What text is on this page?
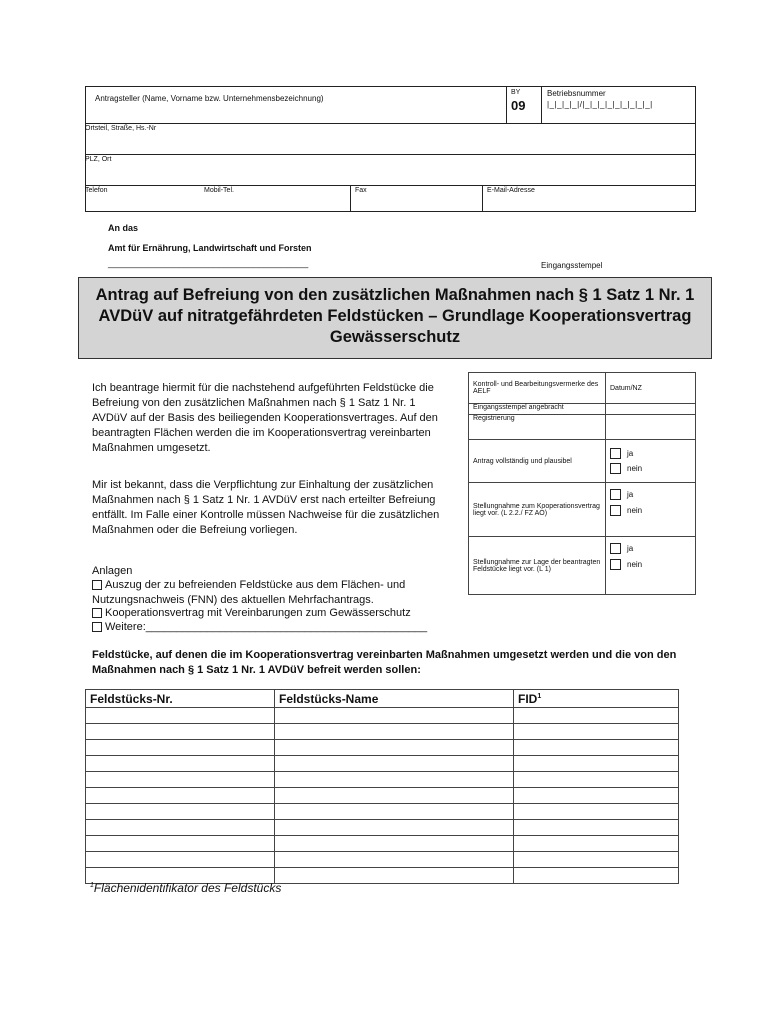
Antragsteller (Name, Vorname bzw. Unternehmensbezeichnung)
BY
09
Betriebsnummer
|_|_|_|_|/|_|_|_|_|_|_|_|_|_|
Ortsteil, Straße, Hs.-Nr
PLZ, Ort
Telefon	Mobil-Tel.	Fax	E-Mail-Adresse
An das
Amt für Ernährung, Landwirtschaft und Forsten
________________________________________	Eingangsstempel
Antrag auf Befreiung von den zusätzlichen Maßnahmen nach § 1 Satz 1 Nr. 1 AVDüV auf nitratgefährdeten Feldstücken – Grundlage Kooperationsvertrag Gewässerschutz
Ich beantrage hiermit für die nachstehend aufgeführten Feldstücke die Befreiung von den zusätzlichen Maßnahmen nach § 1 Satz 1 Nr. 1 AVDüV auf der Basis des beiliegenden Kooperationsvertrages. Auf den beantragten Flächen werden die im Kooperationsvertrag vereinbarten Maßnahmen umgesetzt.
Mir ist bekannt, dass die Verpflichtung zur Einhaltung der zusätzlichen Maßnahmen nach § 1 Satz 1 Nr. 1 AVDüV erst nach erteilter Befreiung entfällt. Im Falle einer Kontrolle müssen Nachweise für die zusätzlichen Maßnahmen oder die Befreiung vorliegen.
Anlagen
Auszug der zu befreienden Feldstücke aus dem Flächen- und Nutzungsnachweis (FNN) des aktuellen Mehrfachantrags.
Kooperationsvertrag mit Vereinbarungen zum Gewässerschutz
Weitere:______________________________________________
Kontroll- und Bearbeitungsvermerke des AELF	Datum/NZ
Eingangsstempel angebracht	
Registrierung	
Antrag vollständig und plausibel	ja
nein

Stellungnahme zum Kooperationsvertrag liegt vor. (L 2.2./ FZ AÖ)	ja
nein

Stellungnahme zur Lage der beantragten Feldstücke liegt vor. (L 1)	ja
nein
Feldstücke, auf denen die im Kooperationsvertrag vereinbarten Maßnahmen umgesetzt werden und die von den Maßnahmen nach § 1 Satz 1 Nr. 1 AVDüV befreit werden sollen:
Feldstücks-Nr.	Feldstücks-Name	FID$^1$

$^1$Flächenidentifikator des Feldstücks
